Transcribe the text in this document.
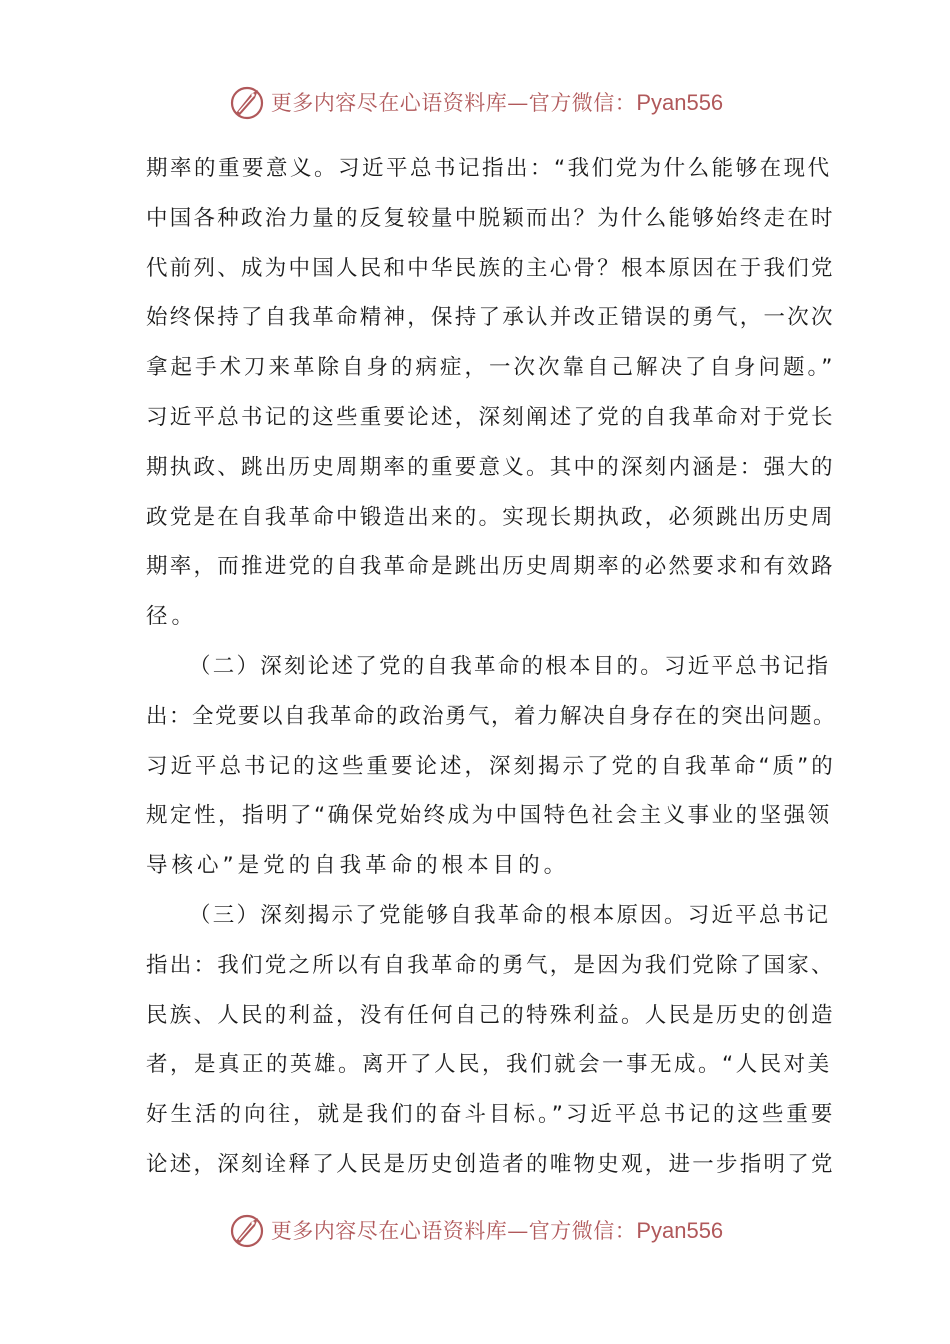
更多内容尽在心语资料库—官方微信：Pyan556
期率的重要意义。习近平总书记指出：“我们党为什么能够在现代
中国各种政治力量的反复较量中脱颖而出？为什么能够始终走在时
代前列、成为中国人民和中华民族的主心骨？根本原因在于我们党
始终保持了自我革命精神，保持了承认并改正错误的勇气，一次次
拿起手术刀来革除自身的病症，一次次靠自己解决了自身问题。”
习近平总书记的这些重要论述，深刻阐述了党的自我革命对于党长
期执政、跳出历史周期率的重要意义。其中的深刻内涵是：强大的
政党是在自我革命中锻造出来的。实现长期执政，必须跳出历史周
期率，而推进党的自我革命是跳出历史周期率的必然要求和有效路
径。
（二）深刻论述了党的自我革命的根本目的。习近平总书记指
出：全党要以自我革命的政治勇气，着力解决自身存在的突出问题。
习近平总书记的这些重要论述，深刻揭示了党的自我革命“质”的
规定性，指明了“确保党始终成为中国特色社会主义事业的坚强领
导核心”是党的自我革命的根本目的。
（三）深刻揭示了党能够自我革命的根本原因。习近平总书记
指出：我们党之所以有自我革命的勇气，是因为我们党除了国家、
民族、人民的利益，没有任何自己的特殊利益。人民是历史的创造
者，是真正的英雄。离开了人民，我们就会一事无成。“人民对美
好生活的向往，就是我们的奋斗目标。”习近平总书记的这些重要
论述，深刻诠释了人民是历史创造者的唯物史观，进一步指明了党
更多内容尽在心语资料库—官方微信：Pyan556
